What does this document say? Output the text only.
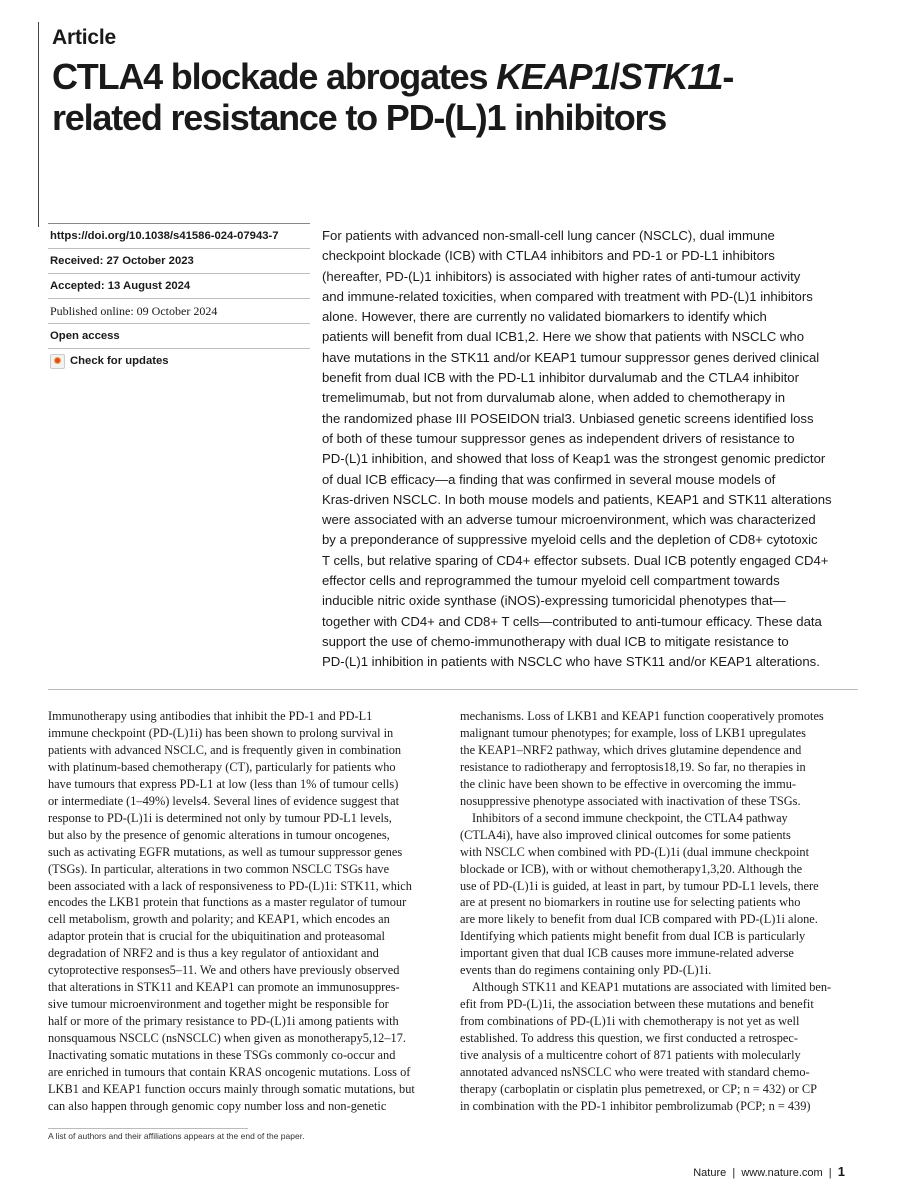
Article
CTLA4 blockade abrogates KEAP1/STK11-
related resistance to PD-(L)1 inhibitors
https://doi.org/10.1038/s41586-024-07943-7
Received: 27 October 2023
Accepted: 13 August 2024
Published online: 09 October 2024
Open access
Check for updates
For patients with advanced non-small-cell lung cancer (NSCLC), dual immune
checkpoint blockade (ICB) with CTLA4 inhibitors and PD-1 or PD-L1 inhibitors
(hereafter, PD-(L)1 inhibitors) is associated with higher rates of anti-tumour activity
and immune-related toxicities, when compared with treatment with PD-(L)1 inhibitors
alone. However, there are currently no validated biomarkers to identify which
patients will benefit from dual ICB1,2. Here we show that patients with NSCLC who
have mutations in the STK11 and/or KEAP1 tumour suppressor genes derived clinical
benefit from dual ICB with the PD-L1 inhibitor durvalumab and the CTLA4 inhibitor
tremelimumab, but not from durvalumab alone, when added to chemotherapy in
the randomized phase III POSEIDON trial3. Unbiased genetic screens identified loss
of both of these tumour suppressor genes as independent drivers of resistance to
PD-(L)1 inhibition, and showed that loss of Keap1 was the strongest genomic predictor
of dual ICB efficacy—a finding that was confirmed in several mouse models of
Kras-driven NSCLC. In both mouse models and patients, KEAP1 and STK11 alterations
were associated with an adverse tumour microenvironment, which was characterized
by a preponderance of suppressive myeloid cells and the depletion of CD8+ cytotoxic
T cells, but relative sparing of CD4+ effector subsets. Dual ICB potently engaged CD4+
effector cells and reprogrammed the tumour myeloid cell compartment towards
inducible nitric oxide synthase (iNOS)-expressing tumoricidal phenotypes that—
together with CD4+ and CD8+ T cells—contributed to anti-tumour efficacy. These data
support the use of chemo-immunotherapy with dual ICB to mitigate resistance to
PD-(L)1 inhibition in patients with NSCLC who have STK11 and/or KEAP1 alterations.
Immunotherapy using antibodies that inhibit the PD-1 and PD-L1
immune checkpoint (PD-(L)1i) has been shown to prolong survival in
patients with advanced NSCLC, and is frequently given in combination
with platinum-based chemotherapy (CT), particularly for patients who
have tumours that express PD-L1 at low (less than 1% of tumour cells)
or intermediate (1–49%) levels4. Several lines of evidence suggest that
response to PD-(L)1i is determined not only by tumour PD-L1 levels,
but also by the presence of genomic alterations in tumour oncogenes,
such as activating EGFR mutations, as well as tumour suppressor genes
(TSGs). In particular, alterations in two common NSCLC TSGs have
been associated with a lack of responsiveness to PD-(L)1i: STK11, which
encodes the LKB1 protein that functions as a master regulator of tumour
cell metabolism, growth and polarity; and KEAP1, which encodes an
adaptor protein that is crucial for the ubiquitination and proteasomal
degradation of NRF2 and is thus a key regulator of antioxidant and
cytoprotective responses5–11. We and others have previously observed
that alterations in STK11 and KEAP1 can promote an immunosuppres-
sive tumour microenvironment and together might be responsible for
half or more of the primary resistance to PD-(L)1i among patients with
nonsquamous NSCLC (nsNSCLC) when given as monotherapy5,12–17.
Inactivating somatic mutations in these TSGs commonly co-occur and
are enriched in tumours that contain KRAS oncogenic mutations. Loss of
LKB1 and KEAP1 function occurs mainly through somatic mutations, but
can also happen through genomic copy number loss and non-genetic
mechanisms. Loss of LKB1 and KEAP1 function cooperatively promotes
malignant tumour phenotypes; for example, loss of LKB1 upregulates
the KEAP1–NRF2 pathway, which drives glutamine dependence and
resistance to radiotherapy and ferroptosis18,19. So far, no therapies in
the clinic have been shown to be effective in overcoming the immu-
nosuppressive phenotype associated with inactivation of these TSGs.
Inhibitors of a second immune checkpoint, the CTLA4 pathway
(CTLA4i), have also improved clinical outcomes for some patients
with NSCLC when combined with PD-(L)1i (dual immune checkpoint
blockade or ICB), with or without chemotherapy1,3,20. Although the
use of PD-(L)1i is guided, at least in part, by tumour PD-L1 levels, there
are at present no biomarkers in routine use for selecting patients who
are more likely to benefit from dual ICB compared with PD-(L)1i alone.
Identifying which patients might benefit from dual ICB is particularly
important given that dual ICB causes more immune-related adverse
events than do regimens containing only PD-(L)1i.
Although STK11 and KEAP1 mutations are associated with limited ben-
efit from PD-(L)1i, the association between these mutations and benefit
from combinations of PD-(L)1i with chemotherapy is not yet as well
established. To address this question, we first conducted a retrospec-
tive analysis of a multicentre cohort of 871 patients with molecularly
annotated advanced nsNSCLC who were treated with standard chemo-
therapy (carboplatin or cisplatin plus pemetrexed, or CP; n = 432) or CP
in combination with the PD-1 inhibitor pembrolizumab (PCP; n = 439)
A list of authors and their affiliations appears at the end of the paper.
Nature | www.nature.com | 1
